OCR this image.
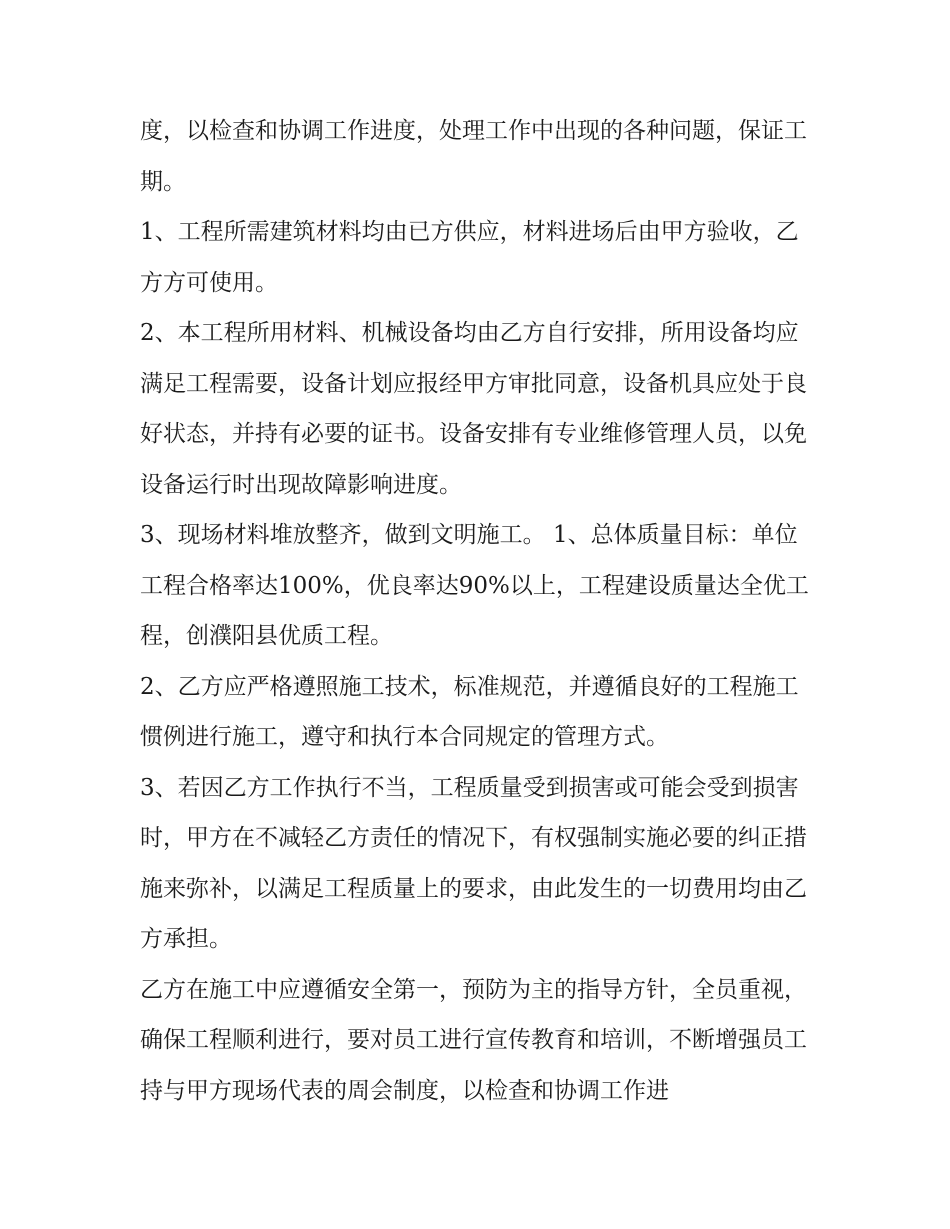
度，以检查和协调工作进度，处理工作中出现的各种问题，保证工期。

1、工程所需建筑材料均由已方供应，材料进场后由甲方验收，乙方方可使用。

2、本工程所用材料、机械设备均由乙方自行安排，所用设备均应满足工程需要，设备计划应报经甲方审批同意，设备机具应处于良好状态，并持有必要的证书。设备安排有专业维修管理人员，以免设备运行时出现故障影响进度。

3、现场材料堆放整齐，做到文明施工。 1、总体质量目标：单位工程合格率达100%，优良率达90%以上，工程建设质量达全优工程，创濮阳县优质工程。

2、乙方应严格遵照施工技术，标准规范，并遵循良好的工程施工惯例进行施工，遵守和执行本合同规定的管理方式。

3、若因乙方工作执行不当，工程质量受到损害或可能会受到损害时，甲方在不减轻乙方责任的情况下，有权强制实施必要的纠正措施来弥补，以满足工程质量上的要求，由此发生的一切费用均由乙方承担。

乙方在施工中应遵循安全第一，预防为主的指导方针，全员重视，确保工程顺利进行，要对员工进行宣传教育和培训，不断增强员工持与甲方现场代表的周会制度，以检查和协调工作进
